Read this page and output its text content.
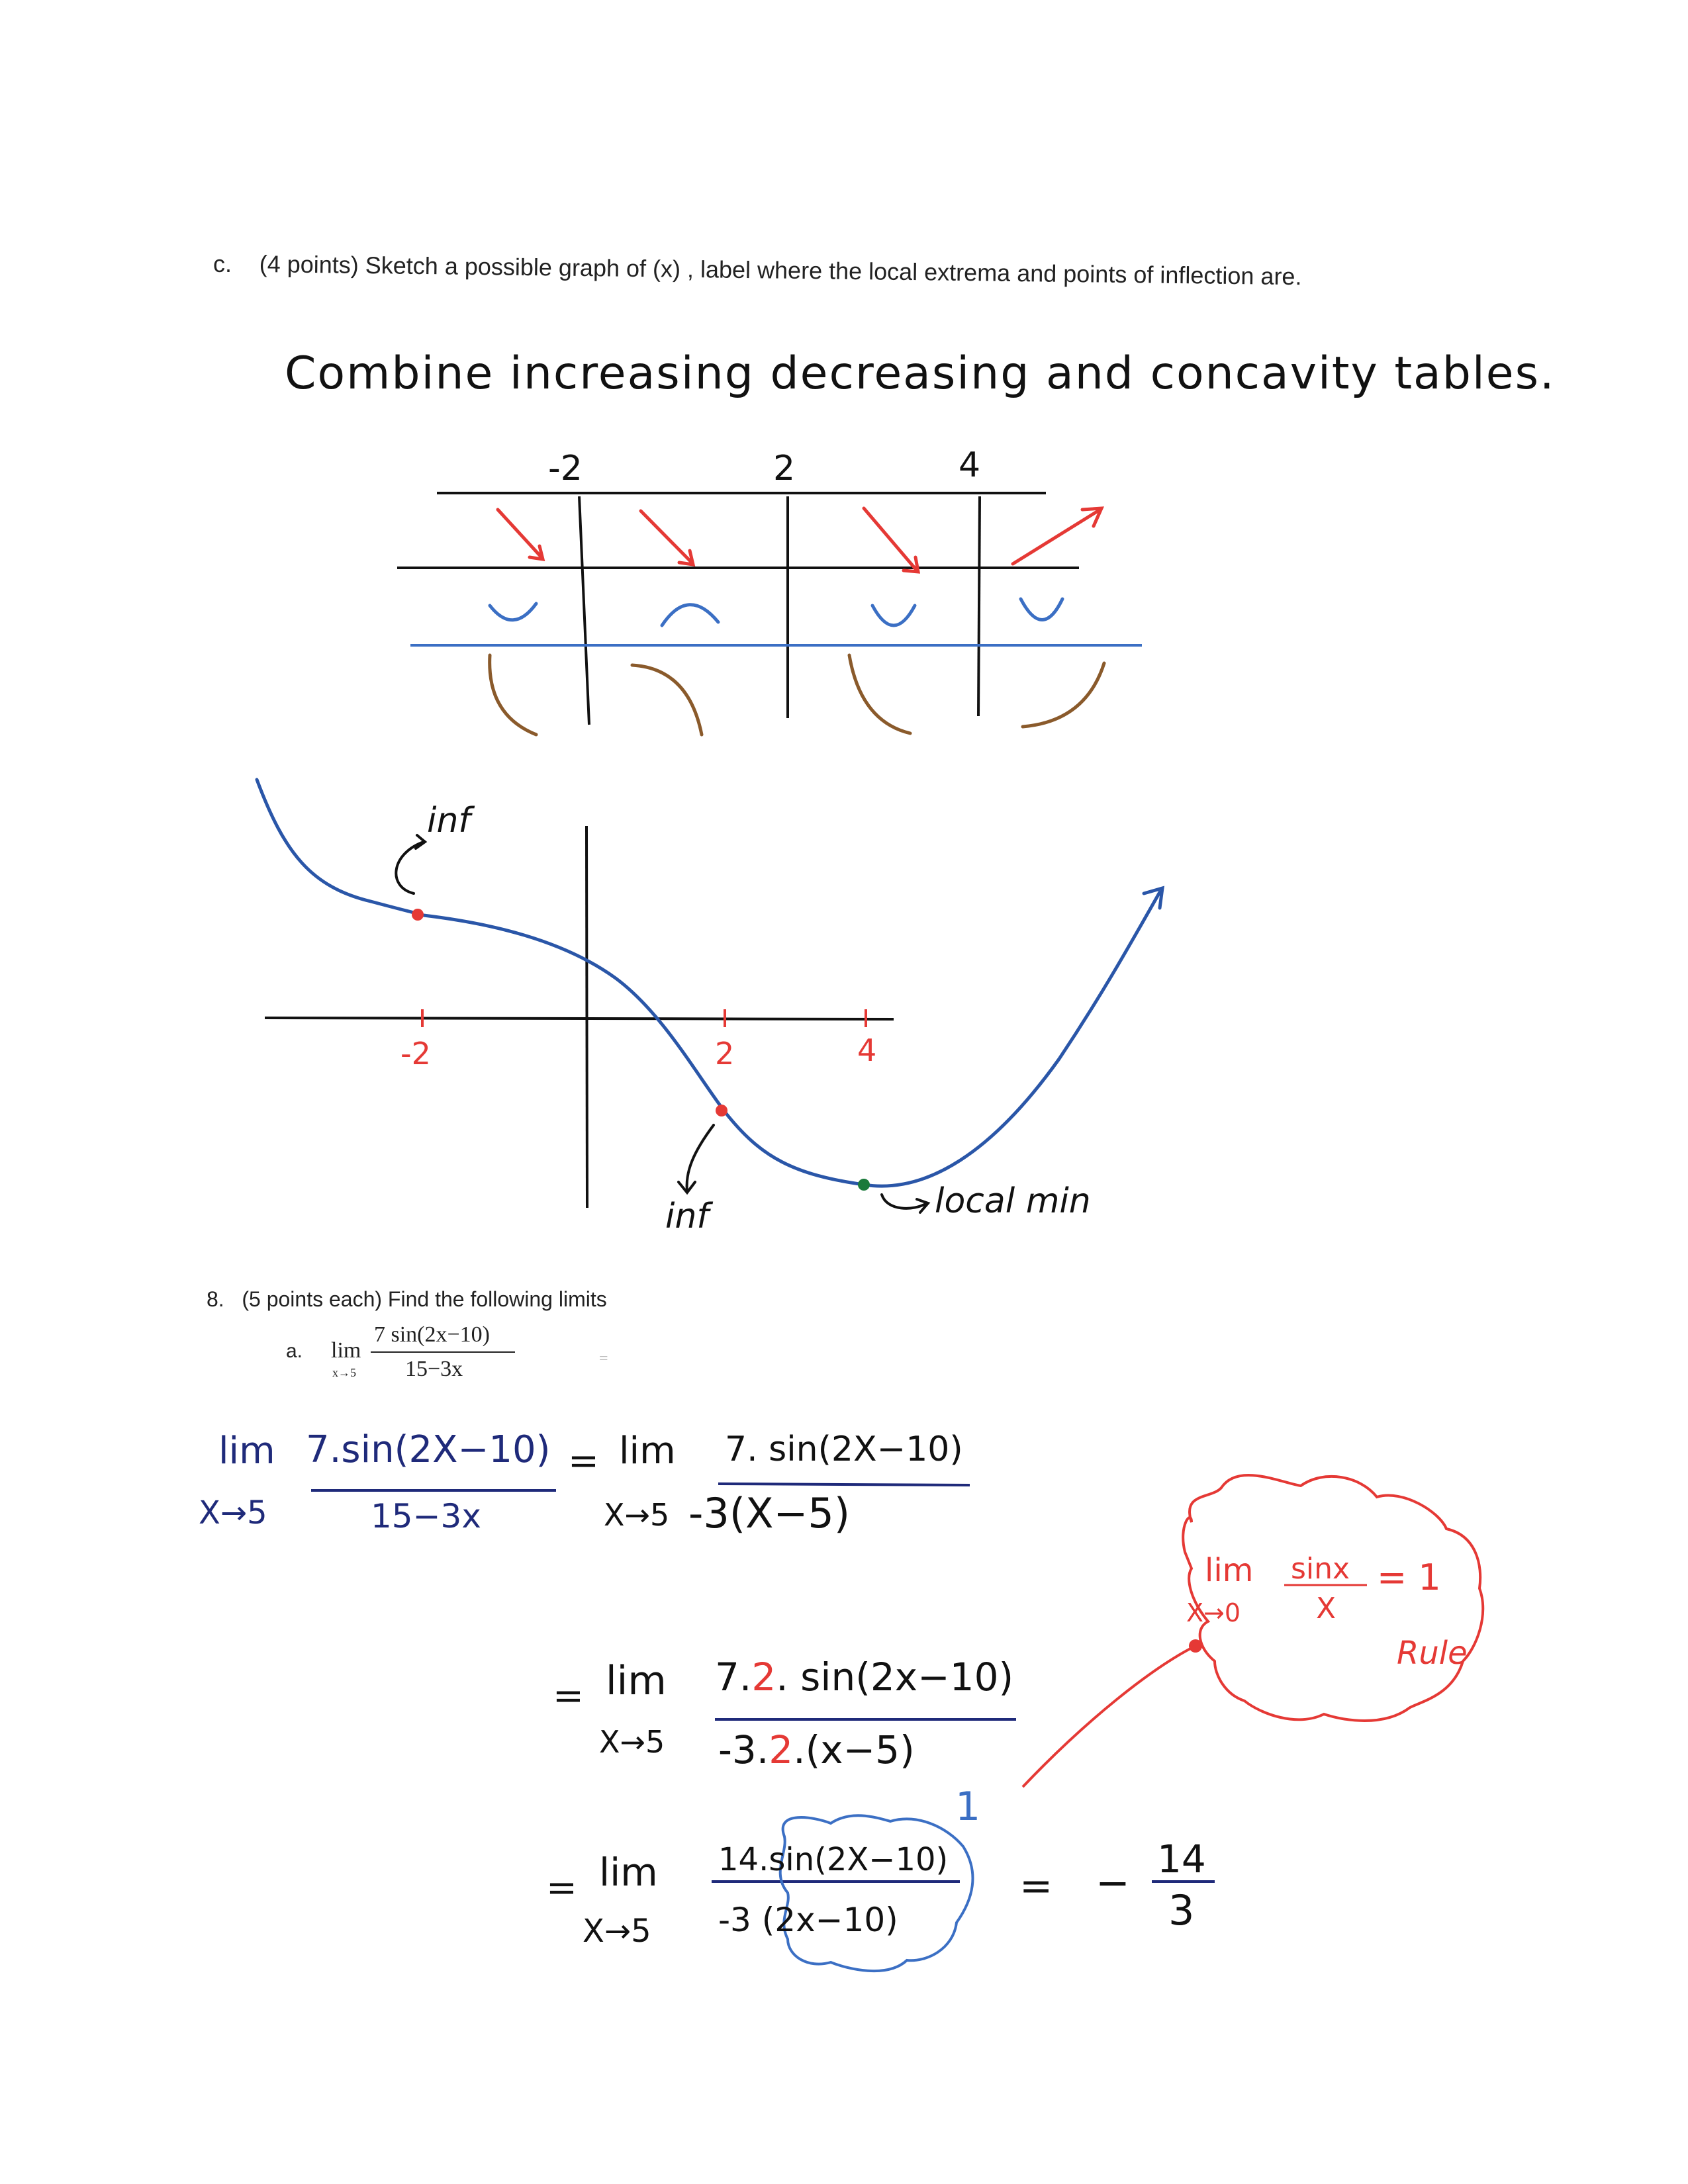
c. (4 points) Sketch a possible graph of (x) , label where the local extrema and points of inflection are.
Combine increasing decreasing and concavity tables.
-2	2	4
-2	2	4
inf
inf	local min
8.   (5 points each) Find the following limits
a. lim
x→5
7 sin(2x−10)
15−3x	=
lim
X→5
7.sin(2X−10)
15−3x
= lim
X→5
7. sin(2X−10)
-3(X−5)
= lim
X→5
7.2. sin(2x−10)
-3.2.(x−5)
= lim
X→5
14.sin(2X−10)
-3 (2x−10)
1
= − 14
3
lim
X→0
sinx
X
= 1
Rule
